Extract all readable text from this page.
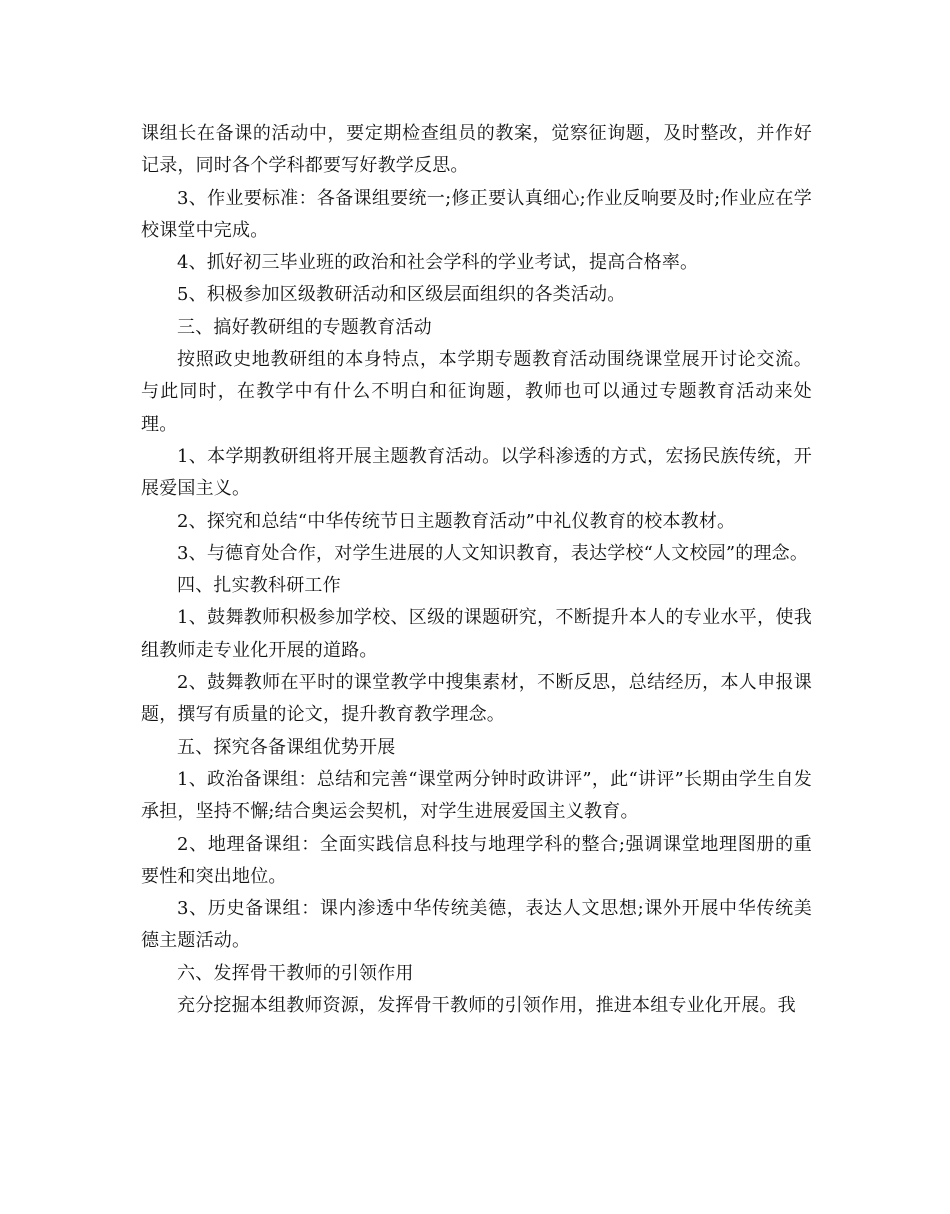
课组长在备课的活动中，要定期检查组员的教案，觉察征询题，及时整改，并作好记录，同时各个学科都要写好教学反思。

3、作业要标准：各备课组要统一;修正要认真细心;作业反响要及时;作业应在学校课堂中完成。

4、抓好初三毕业班的政治和社会学科的学业考试，提高合格率。

5、积极参加区级教研活动和区级层面组织的各类活动。

三、搞好教研组的专题教育活动

按照政史地教研组的本身特点，本学期专题教育活动围绕课堂展开讨论交流。与此同时，在教学中有什么不明白和征询题，教师也可以通过专题教育活动来处理。

1、本学期教研组将开展主题教育活动。以学科渗透的方式，宏扬民族传统，开展爱国主义。

2、探究和总结“中华传统节日主题教育活动”中礼仪教育的校本教材。

3、与德育处合作，对学生进展的人文知识教育，表达学校“人文校园”的理念。

四、扎实教科研工作

1、鼓舞教师积极参加学校、区级的课题研究，不断提升本人的专业水平，使我组教师走专业化开展的道路。

2、鼓舞教师在平时的课堂教学中搜集素材，不断反思，总结经历，本人申报课题，撰写有质量的论文，提升教育教学理念。

五、探究各备课组优势开展

1、政治备课组：总结和完善“课堂两分钟时政讲评”，此“讲评”长期由学生自发承担，坚持不懈;结合奥运会契机，对学生进展爱国主义教育。

2、地理备课组：全面实践信息科技与地理学科的整合;强调课堂地理图册的重要性和突出地位。

3、历史备课组：课内渗透中华传统美德，表达人文思想;课外开展中华传统美德主题活动。

六、发挥骨干教师的引领作用

充分挖掘本组教师资源，发挥骨干教师的引领作用，推进本组专业化开展。我
